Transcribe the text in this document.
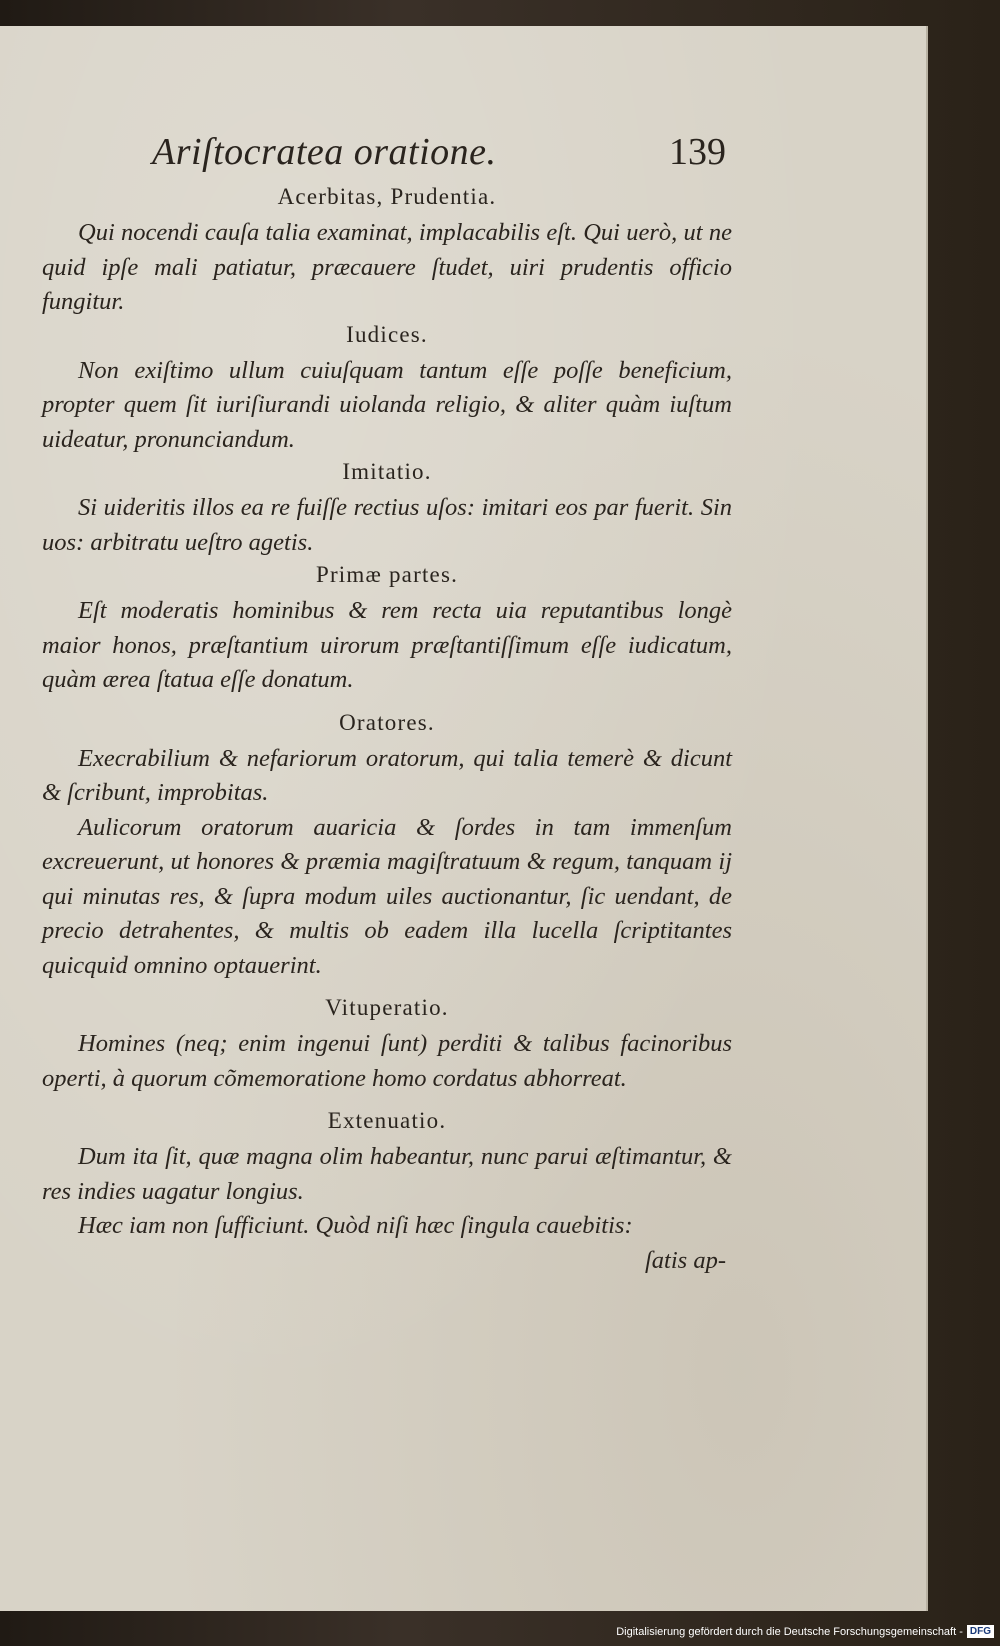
Ariſtocratea oratione.	139
Acerbitas, Prudentia.

Qui nocendi cauſa talia examinat, implacabilis eſt. Qui uerò, ut ne quid ipſe mali patiatur, præcauere ſtudet, uiri prudentis officio fungitur.

Iudices.

Non exiſtimo ullum cuiuſquam tantum eſſe poſſe beneficium, propter quem ſit iuriſiurandi uiolanda religio, & aliter quàm iuſtum uideatur, pronunciandum.

Imitatio.

Si uideritis illos ea re fuiſſe rectius uſos: imitari eos par fuerit. Sin uos: arbitratu ueſtro agetis.

Primæ partes.

Eſt moderatis hominibus & rem recta uia reputantibus longè maior honos, præſtantium uirorum præſtantiſſimum eſſe iudicatum, quàm ærea ſtatua eſſe donatum.

Oratores.

Execrabilium & nefariorum oratorum, qui talia temerè & dicunt & ſcribunt, improbitas.

Aulicorum oratorum auaricia & ſordes in tam immenſum excreuerunt, ut honores & præmia magiſtratuum & regum, tanquam ij qui minutas res, & ſupra modum uiles auctionantur, ſic uendant, de precio detrahentes, & multis ob eadem illa lucella ſcriptitantes quicquid omnino optauerint.

Vituperatio.

Homines (neq; enim ingenui ſunt) perditi & talibus facinoribus operti, à quorum cõmemoratione homo cordatus abhorreat.

Extenuatio.

Dum ita ſit, quæ magna olim habeantur, nunc parui æſtimantur, & res indies uagatur longius.

Hæc iam non ſufficiunt. Quòd niſi hæc ſingula cauebitis:

ſatis ap-
Digitalisierung gefördert durch die Deutsche Forschungsgemeinschaft - DFG
